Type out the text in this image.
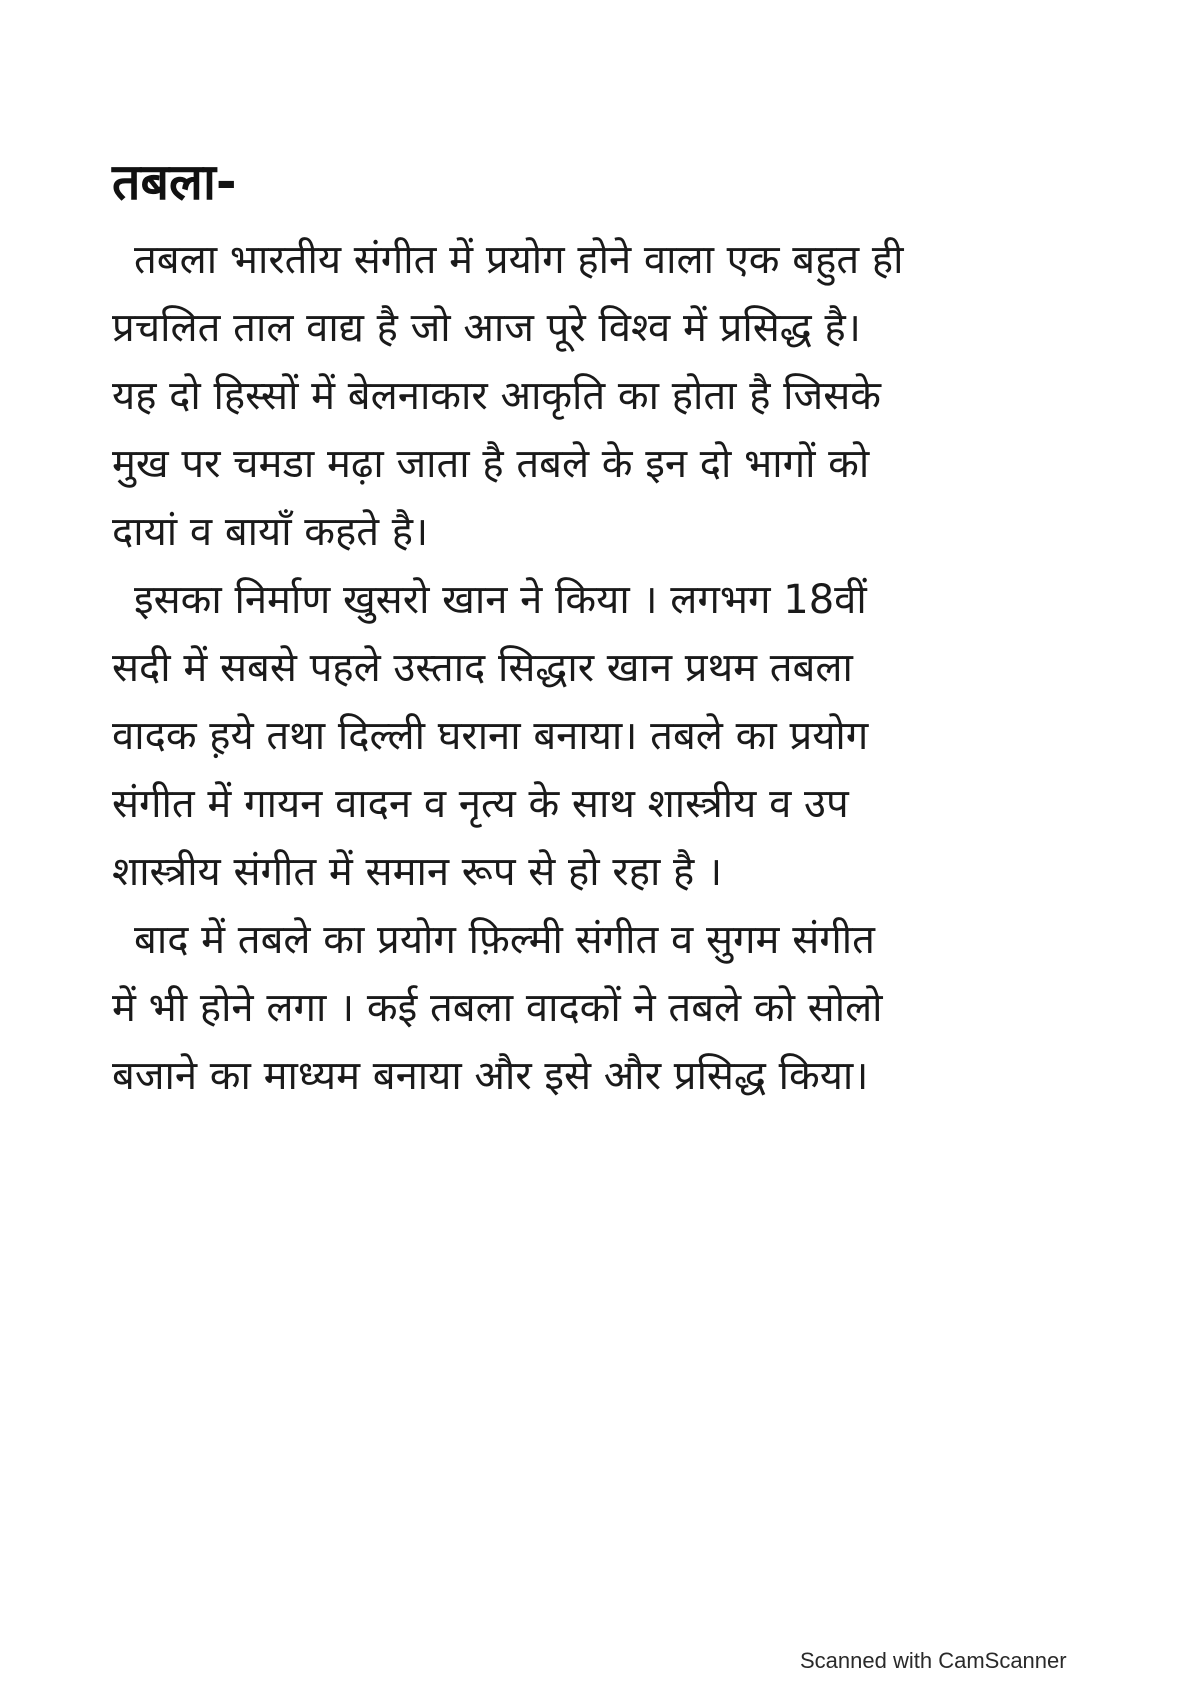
तबला-

तबला भारतीय संगीत में प्रयोग होने वाला एक बहुत ही
प्रचलित ताल वाद्य है जो आज पूरे विश्व में प्रसिद्ध है।
यह दो हिस्सों में बेलनाकार आकृति का होता है जिसके
मुख पर चमडा मढ़ा जाता है तबले के इन दो भागों को
दायां व बायाँ कहते है।

इसका निर्माण खुसरो खान ने किया । लगभग 18वीं
सदी में सबसे पहले उस्ताद सिद्धार खान प्रथम तबला
वादक ह़ये तथा दिल्ली घराना बनाया। तबले का प्रयोग
संगीत में गायन वादन व नृत्य के साथ शास्त्रीय व उप
शास्त्रीय संगीत में समान रूप से हो रहा है ।

बाद में तबले का प्रयोग फ़िल्मी संगीत व सुगम संगीत
में भी होने लगा । कई तबला वादकों ने तबले को सोलो
बजाने का माध्यम बनाया और इसे और प्रसिद्ध किया।

Scanned with CamScanner
